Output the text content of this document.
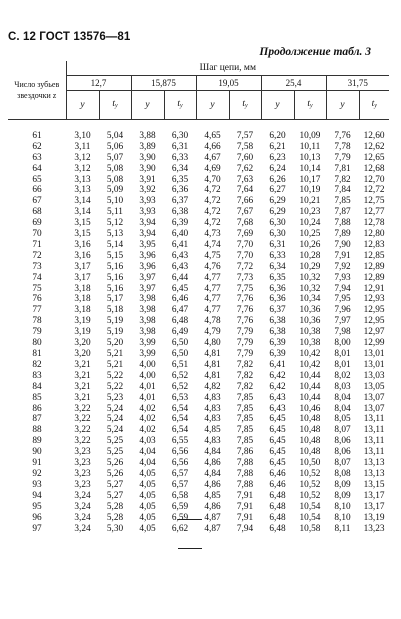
С. 12 ГОСТ 13576—81
Продолжение табл. 3
Число зубьев звездочки z	Шаг цепи, мм									
	12,7		15,875		19,05		25,4		31,75	
	y	$t_y$	y	$t_y$	y	$t_y$	y	$t_y$	y	$t_y$

61	3,10	5,04	3,88	6,30	4,65	7,57	6,20	10,09	7,76	12,60
62	3,11	5,06	3,89	6,31	4,66	7,58	6,21	10,11	7,78	12,62
63	3,12	5,07	3,90	6,33	4,67	7,60	6,23	10,13	7,79	12,65
64	3,12	5,08	3,90	6,34	4,69	7,62	6,24	10,14	7,81	12,68
65	3,13	5,08	3,91	6,35	4,70	7,63	6,26	10,17	7,82	12,70
66	3,13	5,09	3,92	6,36	4,72	7,64	6,27	10,19	7,84	12,72
67	3,14	5,10	3,93	6,37	4,72	7,66	6,29	10,21	7,85	12,75
68	3,14	5,11	3,93	6,38	4,72	7,67	6,29	10,23	7,87	12,77
69	3,15	5,12	3,94	6,39	4,72	7,68	6,30	10,24	7,88	12,78
70	3,15	5,13	3,94	6,40	4,73	7,69	6,30	10,25	7,89	12,80
71	3,16	5,14	3,95	6,41	4,74	7,70	6,31	10,26	7,90	12,83
72	3,16	5,15	3,96	6,43	4,75	7,70	6,33	10,28	7,91	12,85
73	3,17	5,16	3,96	6,43	4,76	7,72	6,34	10,29	7,92	12,89
74	3,17	5,16	3,97	6,44	4,77	7,73	6,35	10,32	7,93	12,89
75	3,18	5,16	3,97	6,45	4,77	7,75	6,36	10,32	7,94	12,91
76	3,18	5,17	3,98	6,46	4,77	7,76	6,36	10,34	7,95	12,93
77	3,18	5,18	3,98	6,47	4,77	7,76	6,37	10,36	7,96	12,95
78	3,19	5,19	3,98	6,48	4,78	7,76	6,38	10,36	7,97	12,95
79	3,19	5,19	3,98	6,49	4,79	7,79	6,38	10,38	7,98	12,97
80	3,20	5,20	3,99	6,50	4,80	7,79	6,39	10,38	8,00	12,99
81	3,20	5,21	3,99	6,50	4,81	7,79	6,39	10,42	8,01	13,01
82	3,21	5,21	4,00	6,51	4,81	7,82	6,41	10,42	8,01	13,01
83	3,21	5,22	4,00	6,52	4,81	7,82	6,42	10,44	8,02	13,03
84	3,21	5,22	4,01	6,52	4,82	7,82	6,42	10,44	8,03	13,05
85	3,21	5,23	4,01	6,53	4,83	7,85	6,43	10,44	8,04	13,07
86	3,22	5,24	4,02	6,54	4,83	7,85	6,43	10,46	8,04	13,07
87	3,22	5,24	4,02	6,54	4,83	7,85	6,45	10,48	8,05	13,11
88	3,22	5,24	4,02	6,54	4,85	7,85	6,45	10,48	8,07	13,11
89	3,22	5,25	4,03	6,55	4,83	7,85	6,45	10,48	8,06	13,11
90	3,23	5,25	4,04	6,56	4,84	7,86	6,45	10,48	8,06	13,11
91	3,23	5,26	4,04	6,56	4,86	7,88	6,45	10,50	8,07	13,13
92	3,23	5,26	4,05	6,57	4,84	7,88	6,46	10,52	8,08	13,13
93	3,23	5,27	4,05	6,57	4,86	7,88	6,46	10,52	8,09	13,15
94	3,24	5,27	4,05	6,58	4,85	7,91	6,48	10,52	8,09	13,17
95	3,24	5,28	4,05	6,59	4,86	7,91	6,48	10,54	8,10	13,17
96	3,24	5,28	4,05	6,59	4,87	7,91	6,48	10,54	8,10	13,19
97	3,24	5,30	4,05	6,62	4,87	7,94	6,48	10,58	8,11	13,23
